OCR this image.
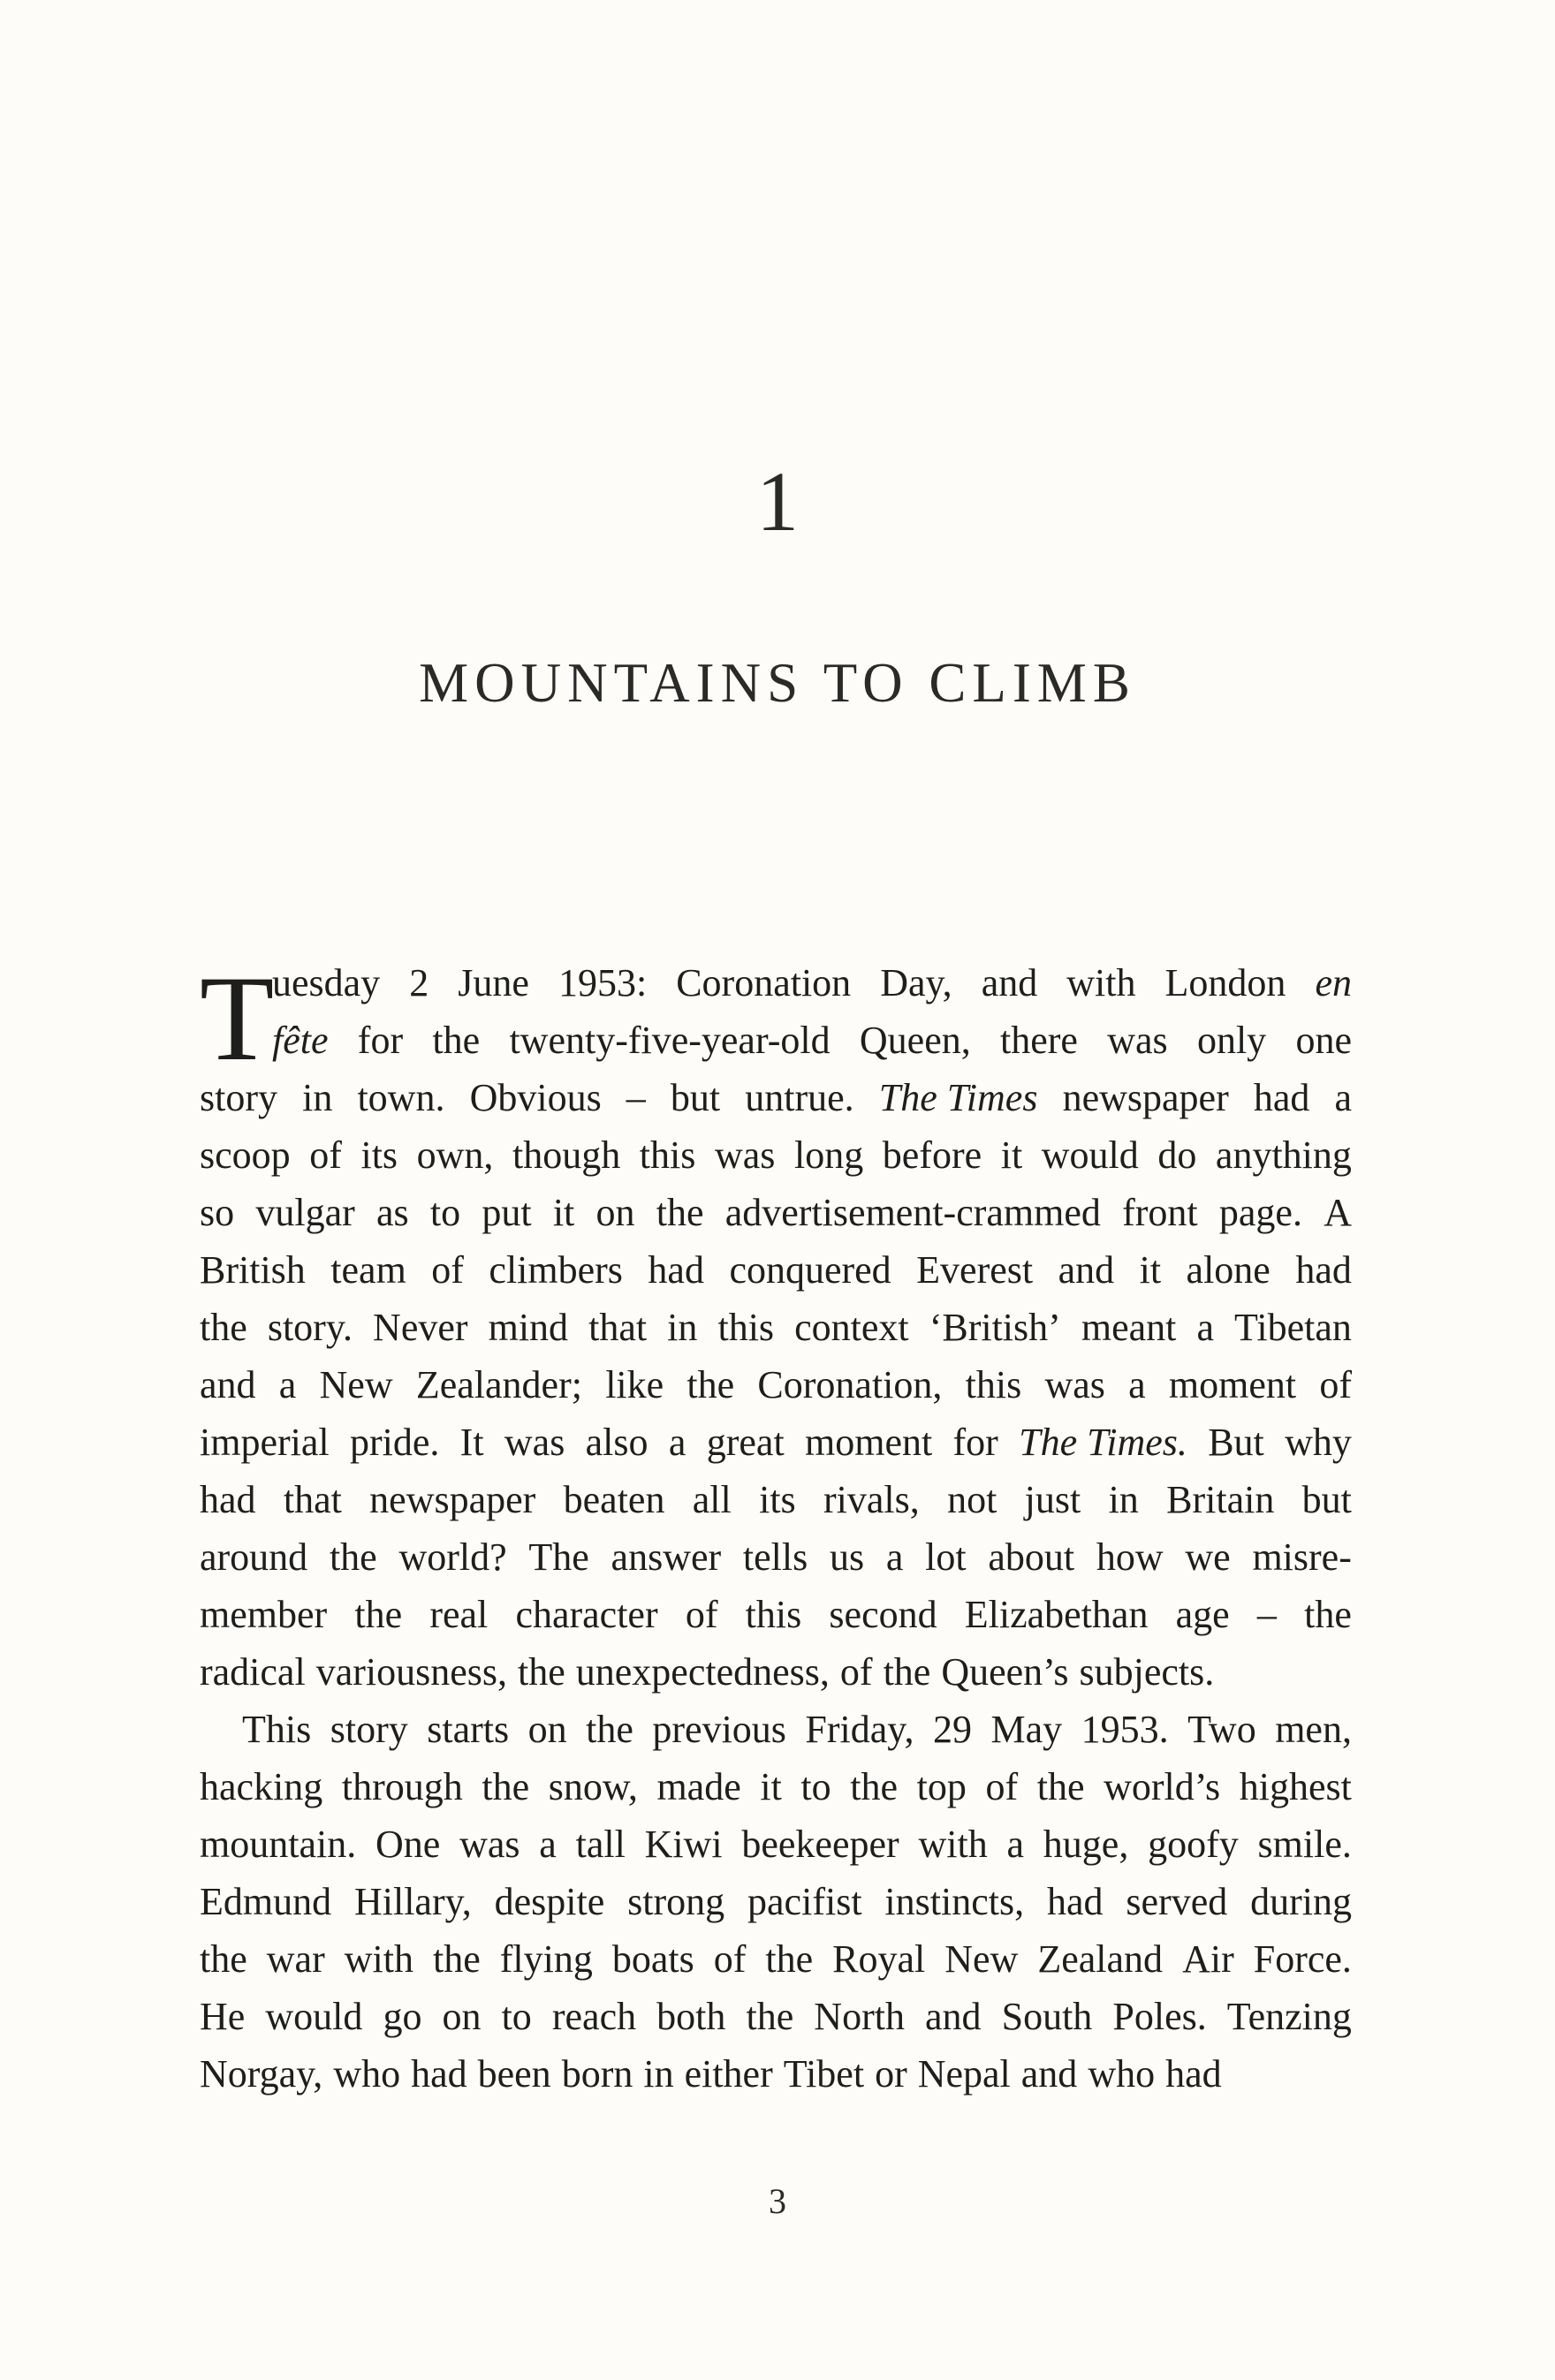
1
MOUNTAINS TO CLIMB
T
uesday 2 June 1953: Coronation Day, and with London en
fête for the twenty-five-year-old Queen, there was only one
story in town. Obvious – but untrue. The Times newspaper had a
scoop of its own, though this was long before it would do anything
so vulgar as to put it on the advertisement-crammed front page. A
British team of climbers had conquered Everest and it alone had
the story. Never mind that in this context ‘British’ meant a Tibetan
and a New Zealander; like the Coronation, this was a moment of
imperial pride. It was also a great moment for The Times. But why
had that newspaper beaten all its rivals, not just in Britain but
around the world? The answer tells us a lot about how we misre-
member the real character of this second Elizabethan age – the
radical variousness, the unexpectedness, of the Queen’s subjects.
This story starts on the previous Friday, 29 May 1953. Two men,
hacking through the snow, made it to the top of the world’s highest
mountain. One was a tall Kiwi beekeeper with a huge, goofy smile.
Edmund Hillary, despite strong pacifist instincts, had served during
the war with the flying boats of the Royal New Zealand Air Force.
He would go on to reach both the North and South Poles. Tenzing
Norgay, who had been born in either Tibet or Nepal and who had
3
